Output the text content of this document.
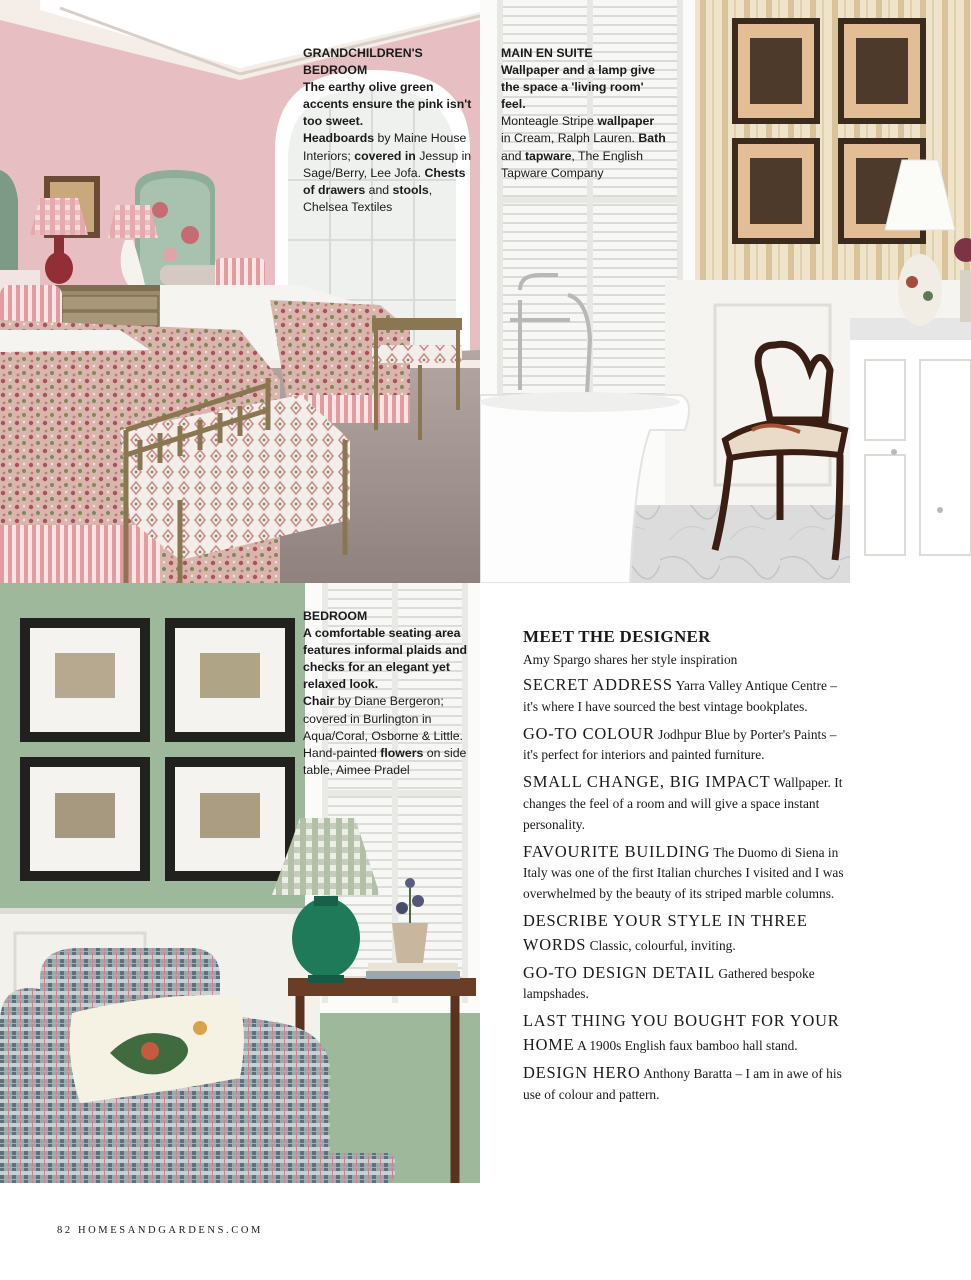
GRANDCHILDREN'S BEDROOM
The earthy olive green accents ensure the pink isn't too sweet.
Headboards by Maine House Interiors; covered in Jessup in Sage/Berry, Lee Jofa. Chests of drawers and stools, Chelsea Textiles
MAIN EN SUITE
Wallpaper and a lamp give the space a 'living room' feel.
Monteagle Stripe wallpaper in Cream, Ralph Lauren. Bath and tapware, The English Tapware Company
BEDROOM
A comfortable seating area features informal plaids and checks for an elegant yet relaxed look.
Chair by Diane Bergeron; covered in Burlington in Aqua/Coral, Osborne & Little. Hand-painted flowers on side table, Aimee Pradel

MEET THE DESIGNER

Amy Spargo shares her style inspiration

SECRET ADDRESS Yarra Valley Antique Centre – it's where I have sourced the best vintage bookplates.

GO-TO COLOUR Jodhpur Blue by Porter's Paints – it's perfect for interiors and painted furniture.

SMALL CHANGE, BIG IMPACT Wallpaper. It changes the feel of a room and will give a space instant personality.

FAVOURITE BUILDING The Duomo di Siena in Italy was one of the first Italian churches I visited and I was overwhelmed by the beauty of its striped marble columns.

DESCRIBE YOUR STYLE IN THREE WORDS Classic, colourful, inviting.

GO-TO DESIGN DETAIL Gathered bespoke lampshades.

LAST THING YOU BOUGHT FOR YOUR HOME A 1900s English faux bamboo hall stand.

DESIGN HERO Anthony Baratta – I am in awe of his use of colour and pattern.

82 HOMESANDGARDENS.COM
